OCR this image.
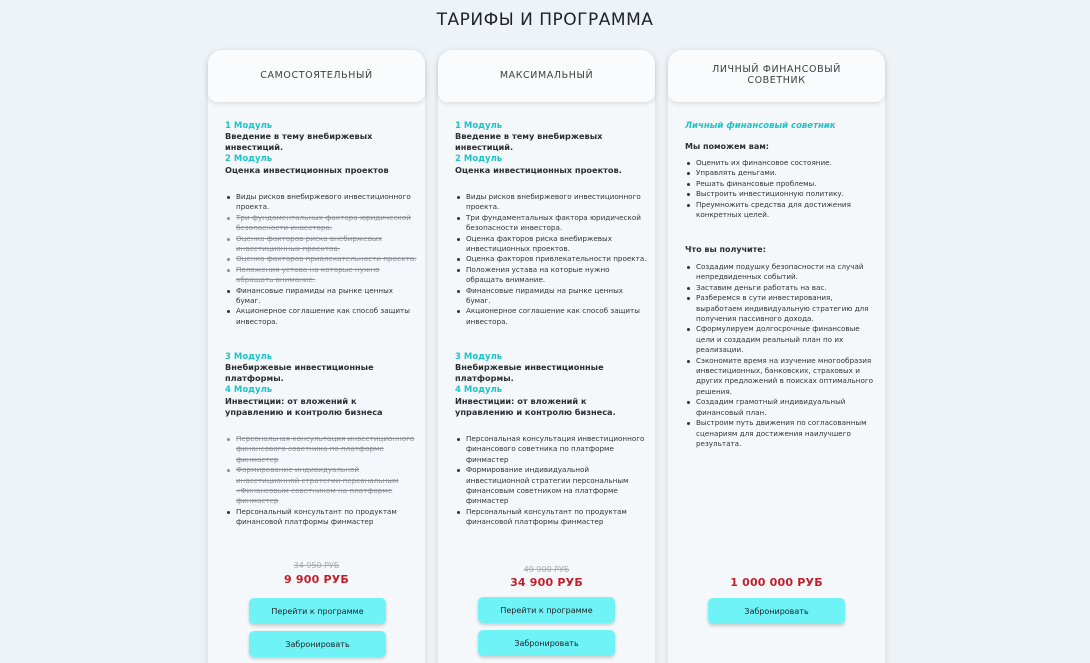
ТАРИФЫ И ПРОГРАММА
САМОСТОЯТЕЛЬНЫЙ
1 Модуль
Введение в тему внебиржевых инвестиций.
2 Модуль
Оценка инвестиционных проектов
Виды рисков внебиржевого инвестиционного проекта.
Три фундаментальных фактора юридической безопасности инвестора.
Оценка факторов риска внебиржевых инвестиционных проектов.
Оценка факторов привлекательности проекта.
Положения устава на которые нужно обращать внимание.
Финансовые пирамиды на рынке ценных бумаг.
Акционерное соглашение как способ защиты инвестора.
3 Модуль
Внебиржевые инвестиционные платформы.
4 Модуль
Инвестиции: от вложений к управлению и контролю бизнеса
Персональная консультация инвестиционного финансового советника по платформе финмастер
Формирование индивидуальной инвестиционной стратегии персональным «Финансовым советником на платформе финмастер
Персональный консультант по продуктам финансовой платформы финмастер
34 950 РУБ
9 900 РУБ
Перейти к программе
Забронировать
МАКСИМАЛЬНЫЙ
1 Модуль
Введение в тему внебиржевых инвестиций.
2 Модуль
Оценка инвестиционных проектов.
Виды рисков внебиржевого инвестиционного проекта.
Три фундаментальных фактора юридической безопасности инвестора.
Оценка факторов риска внебиржевых инвестиционных проектов.
Оценка факторов привлекательности проекта.
Положения устава на которые нужно обращать внимание.
Финансовые пирамиды на рынке ценных бумаг.
Акционерное соглашение как способ защиты инвестора.
3 Модуль
Внебиржевые инвестиционные платформы.
4 Модуль
Инвестиции: от вложений к управлению и контролю бизнеса.
Персональная консультация инвестиционного финансового советника по платформе финмастер
Формирование индивидуальной инвестиционной стратегии персональным финансовым советником на платформе финмастер
Персональный консультант по продуктам финансовой платформы финмастер
49 900 РУБ
34 900 РУБ
Перейти к программе
Забронировать
ЛИЧНЫЙ ФИНАНСОВЫЙ СОВЕТНИК
Личный финансовый советник
Мы поможем вам:
Оценить их финансовое состояние.
Управлять деньгами.
Решать финансовые проблемы.
Выстроить инвестиционную политику.
Преумножить средства для достижения конкретных целей.
Что вы получите:
Создадим подушку безопасности на случай непредвиденных событий.
Заставим деньги работать на вас.
Разберемся в сути инвестирования, выработаем индивидуальную стратегию для получения пассивного дохода.
Сформулируем долгосрочные финансовые цели и создадим реальный план по их реализации.
Сэкономите время на изучение многообразия инвестиционных, банковских, страховых и других предложений в поисках оптимального решения.
Создадим грамотный индивидуальный финансовый план.
Выстроим путь движения по согласованным сценариям для достижения наилучшего результата.
1 000 000 РУБ
Забронировать
